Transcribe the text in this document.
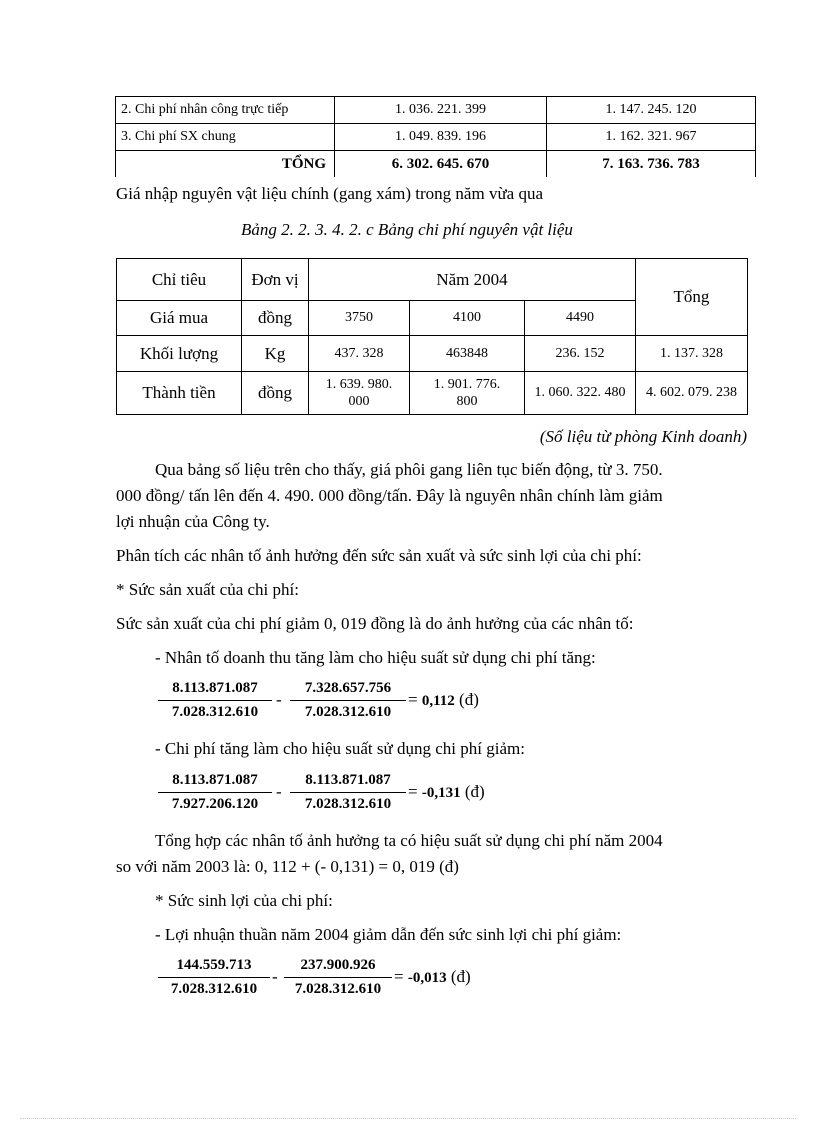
2. Chi phí nhân công trực tiếp	1. 036. 221. 399	1. 147. 245. 120
3. Chi phí SX chung	1. 049. 839. 196	1. 162. 321. 967
TỔNG	6. 302. 645. 670	7. 163. 736. 783
Giá nhập nguyên vật liệu chính (gang xám) trong năm vừa qua
Bảng 2. 2. 3. 4. 2. c Bảng chi phí nguyên vật liệu
Chỉ tiêu	Đơn vị	Năm 2004			Tổng
Giá mua	đồng	3750	4100	4490	
Khối lượng	Kg	437. 328	463848	236. 152	1. 137. 328
Thành tiền	đồng	1. 639. 980. 000	1. 901. 776. 800	1. 060. 322. 480	4. 602. 079. 238
(Số liệu từ phòng Kinh doanh)
Qua bảng số liệu trên cho thấy, giá phôi gang liên tục biến động, từ 3. 750.
000 đồng/ tấn lên đến 4. 490. 000 đồng/tấn. Đây là nguyên nhân chính làm giảm
lợi nhuận của Công ty.
Phân tích các nhân tố ảnh hưởng đến sức sản xuất và sức sinh lợi của chi phí:
* Sức sản xuất của chi phí:
Sức sản xuất của chi phí giảm 0, 019 đồng là do ảnh hưởng của các nhân tố:
- Nhân tố doanh thu tăng làm cho hiệu suất sử dụng chi phí tăng:
$\frac{8.113.871.087}{7.028.312.610} - \frac{7.328.657.756}{7.028.312.610} = 0,112$ (đ)
- Chi phí tăng làm cho hiệu suất sử dụng chi phí giảm:
$\frac{8.113.871.087}{7.927.206.120} - \frac{8.113.871.087}{7.028.312.610} = -0,131$ (đ)
Tổng hợp các nhân tố ảnh hưởng ta có hiệu suất sử dụng chi phí năm 2004
so với năm 2003 là: 0, 112 + (- 0,131) = 0, 019 (đ)
* Sức sinh lợi của chi phí:
- Lợi nhuận thuần năm 2004 giảm dẫn đến sức sinh lợi chi phí giảm:
$\frac{144.559.713}{7.028.312.610} - \frac{237.900.926}{7.028.312.610} = -0,013$ (đ)
